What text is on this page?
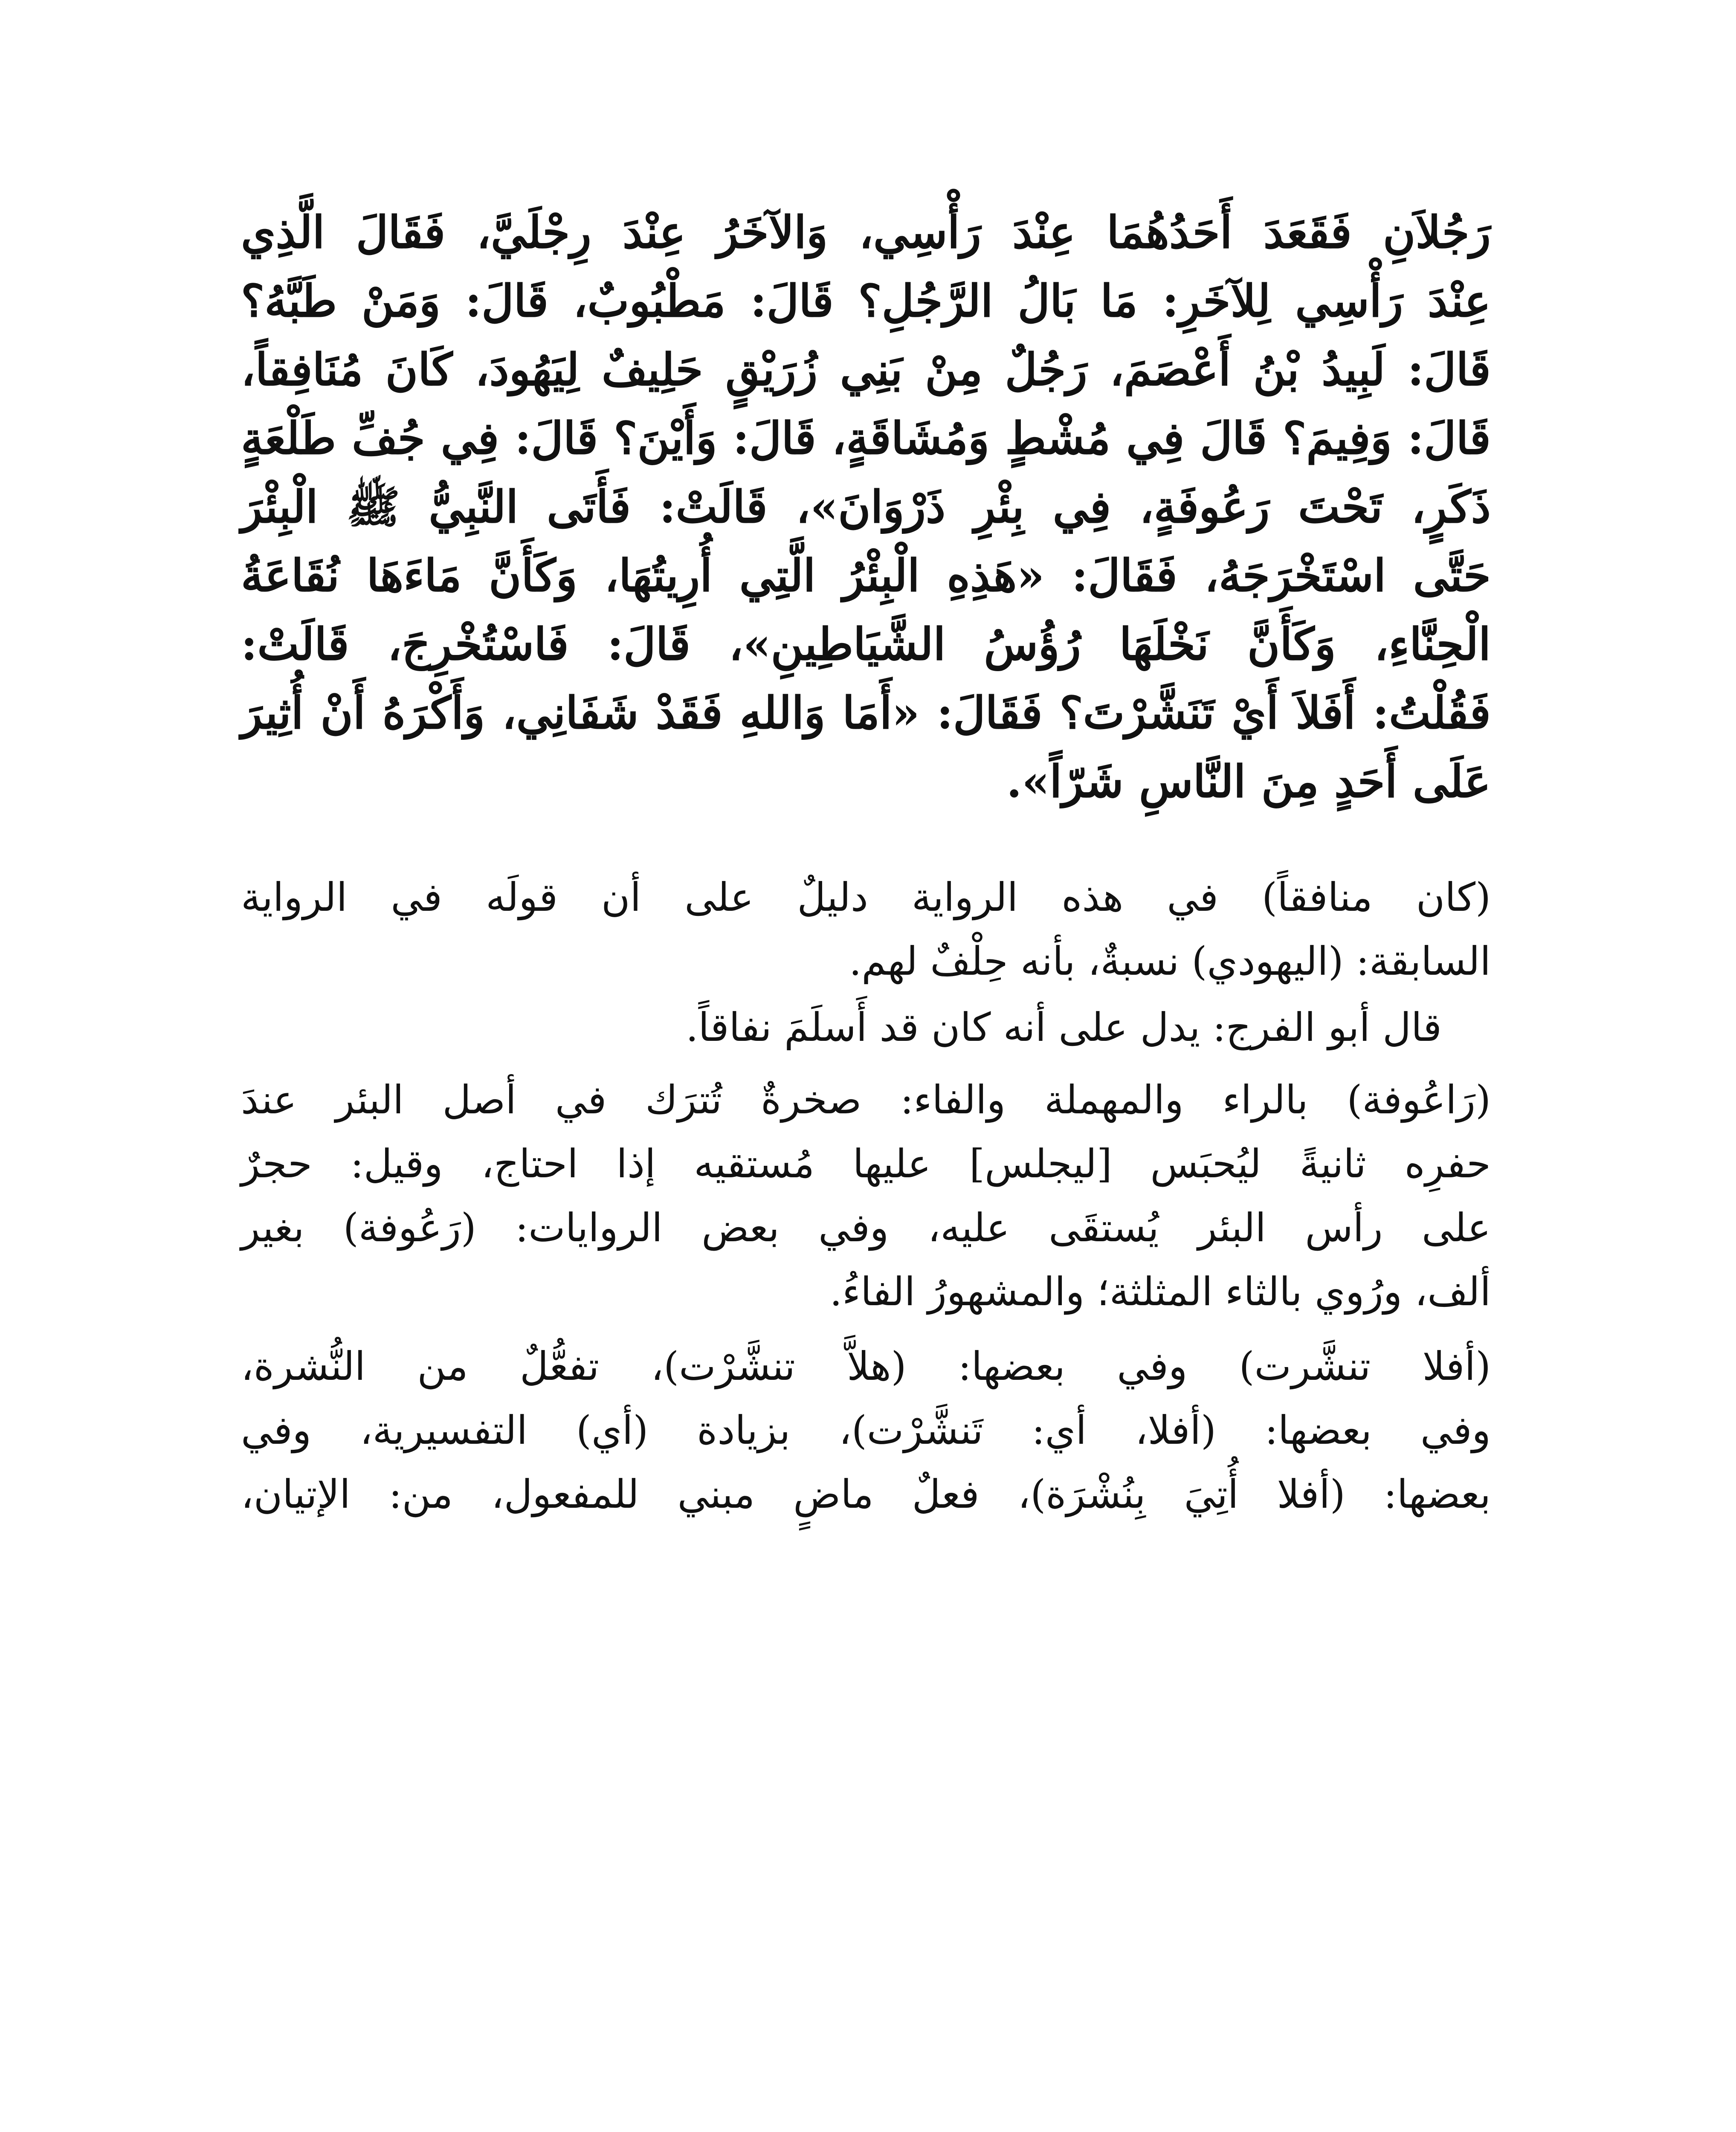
رَجُلاَنِ فَقَعَدَ أَحَدُهُمَا عِنْدَ رَأْسِي، وَالآخَرُ عِنْدَ رِجْلَيَّ، فَقَالَ الَّذِي

عِنْدَ رَأْسِي لِلآخَرِ: مَا بَالُ الرَّجُلِ؟ قَالَ: مَطْبُوبٌ، قَالَ: وَمَنْ طَبَّهُ؟

قَالَ: لَبِيدُ بْنُ أَعْصَمَ، رَجُلٌ مِنْ بَنِي زُرَيْقٍ حَلِيفٌ لِيَهُودَ، كَانَ مُنَافِقاً،

قَالَ: وَفِيمَ؟ قَالَ فِي مُشْطٍ وَمُشَاقَةٍ، قَالَ: وَأَيْنَ؟ قَالَ: فِي جُفِّ طَلْعَةٍ

ذَكَرٍ، تَحْتَ رَعُوفَةٍ، فِي بِئْرِ ذَرْوَانَ»، قَالَتْ: فَأَتَى النَّبِيُّ ﷺ الْبِئْرَ

حَتَّى اسْتَخْرَجَهُ، فَقَالَ: «هَذِهِ الْبِئْرُ الَّتِي أُرِيتُهَا، وَكَأَنَّ مَاءَهَا نُقَاعَةُ

الْحِنَّاءِ، وَكَأَنَّ نَخْلَهَا رُؤُسُ الشَّيَاطِينِ»، قَالَ: فَاسْتُخْرِجَ، قَالَتْ:

فَقُلْتُ: أَفَلاَ أَيْ تَنَشَّرْتَ؟ فَقَالَ: «أَمَا وَاللهِ فَقَدْ شَفَانِي، وَأَكْرَهُ أَنْ أُثِيرَ

عَلَى أَحَدٍ مِنَ النَّاسِ شَرّاً».

(كان منافقاً) في هذه الرواية دليلٌ على أن قولَه في الرواية

السابقة: (اليهودي) نسبةٌ، بأنه حِلْفٌ لهم.

قال أبو الفرج: يدل على أنه كان قد أَسلَمَ نفاقاً.

(رَاعُوفة) بالراء والمهملة والفاء: صخرةٌ تُترَك في أصل البئر عندَ

حفرِه ثانيةً ليُحبَس [ليجلس] عليها مُستقيه إذا احتاج، وقيل: حجرٌ

على رأس البئر يُستقَى عليه، وفي بعض الروايات: (رَعُوفة) بغير

ألف، ورُوي بالثاء المثلثة؛ والمشهورُ الفاءُ.

(أفلا تنشَّرت) وفي بعضها: (هلاَّ تنشَّرْت)، تفعُّلٌ من النُّشرة،

وفي بعضها: (أفلا، أي: تَنشَّرْت)، بزيادة (أي) التفسيرية، وفي

بعضها: (أفلا أُتِيَ بِنُشْرَة)، فعلٌ ماضٍ مبني للمفعول، من: الإتيان،
